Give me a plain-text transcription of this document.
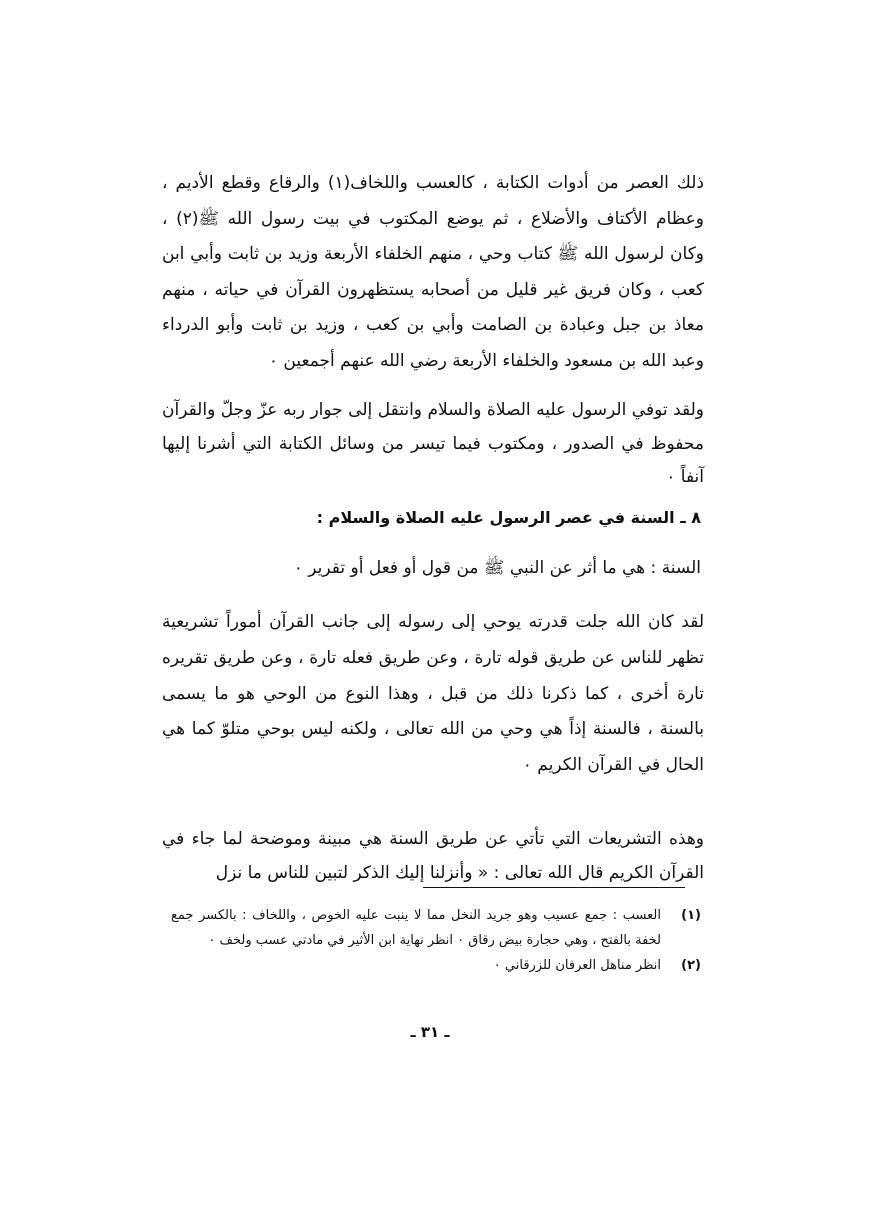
ذلك العصر من أدوات الكتابة ، كالعسب واللخاف(١) والرقاع وقطع الأديم ، وعظام الأكتاف والأضلاع ، ثم يوضع المكتوب في بيت رسول الله ﷺ(٢) ، وكان لرسول الله ﷺ كتاب وحي ، منهم الخلفاء الأربعة وزيد بن ثابت وأبي ابن كعب ، وكان فريق غير قليل من أصحابه يستظهرون القرآن في حياته ، منهم معاذ بن جبل وعبادة بن الصامت وأبي بن كعب ، وزيد بن ثابت وأبو الدرداء وعبد الله بن مسعود والخلفاء الأربعة رضي الله عنهم أجمعين ٠
ولقد توفي الرسول عليه الصلاة والسلام وانتقل إلى جوار ربه عزّ وجلّ والقرآن محفوظ في الصدور ، ومكتوب فيما تيسر من وسائل الكتابة التي أشرنا إليها آنفاً ٠
٨ ـ السنة في عصر الرسول عليه الصلاة والسلام :
السنة : هي ما أثر عن النبي ﷺ من قول أو فعل أو تقرير ٠
لقد كان الله جلت قدرته يوحي إلى رسوله إلى جانب القرآن أموراً تشريعية تظهر للناس عن طريق قوله تارة ، وعن طريق فعله تارة ، وعن طريق تقريره تارة أخرى ، كما ذكرنا ذلك من قبل ، وهذا النوع من الوحي هو ما يسمى بالسنة ، فالسنة إذاً هي وحي من الله تعالى ، ولكنه ليس بوحي متلوّ كما هي الحال في القرآن الكريم ٠
وهذه التشريعات التي تأتي عن طريق السنة هي مبينة وموضحة لما جاء في القرآن الكريم قال الله تعالى : « وأنزلنا إليك الذكر لتبين للناس ما نزل
(١)
العسب : جمع عسيب وهو جريد النخل مما لا ينبت عليه الخوص ، واللخاف : بالكسر جمع لخفة بالفتح ، وهي حجارة بيض رقاق ٠ انظر نهاية ابن الأثير في مادتي عسب ولخف ٠
(٢)
انظر مناهل العرفان للزرقاني ٠
ـ ٣١ ـ
